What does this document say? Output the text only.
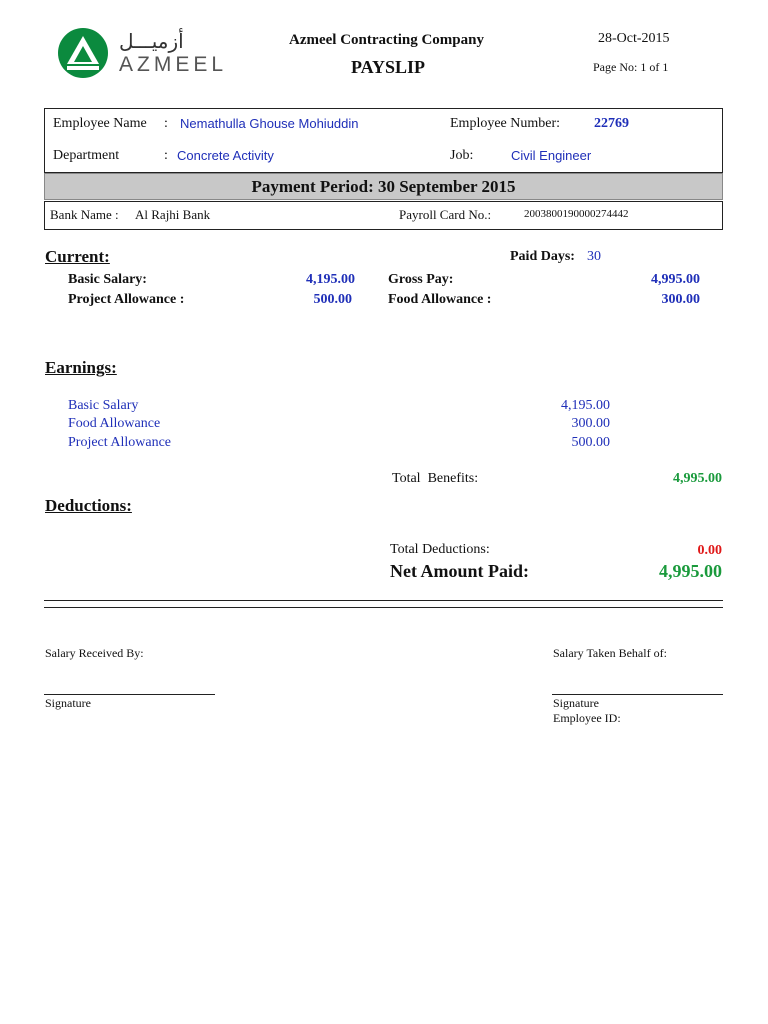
أزميـــل
AZMEEL
Azmeel Contracting Company
PAYSLIP
28-Oct-2015
Page No: 1 of 1
Employee Name : Nemathulla Ghouse Mohiuddin	Employee Number: 22769
Department	: Concrete Activity	Job:	Civil Engineer
Payment Period: 30 September 2015
Bank Name : Al Rajhi Bank	Payroll Card No.:	2003800190000274442
Current:	Paid Days: 30
Basic Salary:	4,195.00 Gross Pay:	4,995.00
Project Allowance :	500.00	Food Allowance :	300.00
Earnings:
Basic Salary	4,195.00
Food Allowance	300.00
Project Allowance	500.00
Total  Benefits:	4,995.00
Deductions:
Total Deductions:	0.00
Net Amount Paid:	4,995.00
Salary Received By:	Salary Taken Behalf of:
Signature	Signature
Employee ID:
